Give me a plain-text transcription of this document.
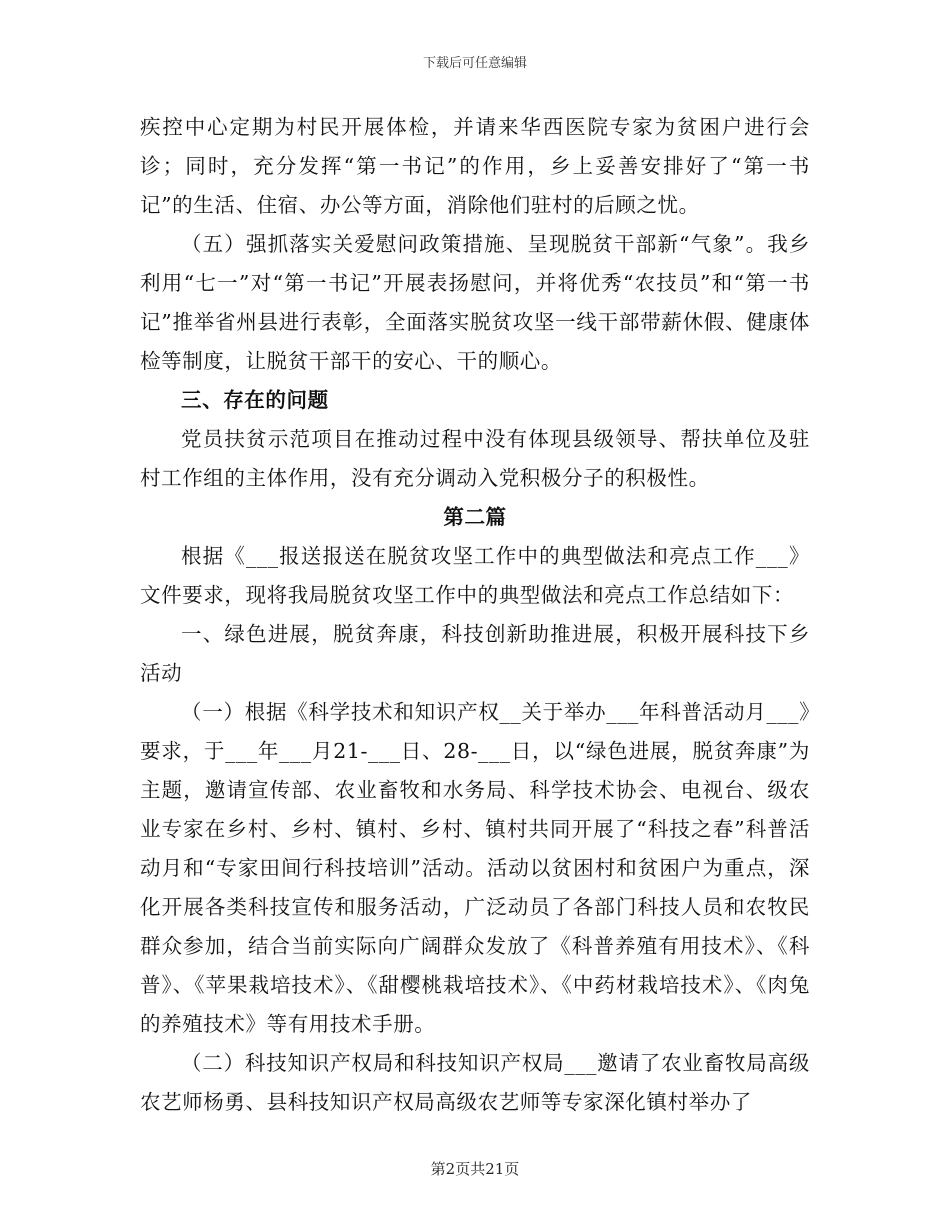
下载后可任意编辑

疾控中心定期为村民开展体检，并请来华西医院专家为贫困户进行会诊；同时，充分发挥“第一书记”的作用，乡上妥善安排好了“第一书记”的生活、住宿、办公等方面，消除他们驻村的后顾之忧。

（五）强抓落实关爱慰问政策措施、呈现脱贫干部新“气象”。我乡利用“七一”对“第一书记”开展表扬慰问，并将优秀“农技员”和“第一书记”推举省州县进行表彰，全面落实脱贫攻坚一线干部带薪休假、健康体检等制度，让脱贫干部干的安心、干的顺心。

三、存在的问题

党员扶贫示范项目在推动过程中没有体现县级领导、帮扶单位及驻村工作组的主体作用，没有充分调动入党积极分子的积极性。

第二篇

根据《___报送报送在脱贫攻坚工作中的典型做法和亮点工作___》文件要求，现将我局脱贫攻坚工作中的典型做法和亮点工作总结如下：

一、绿色进展，脱贫奔康，科技创新助推进展，积极开展科技下乡活动

（一）根据《科学技术和知识产权__关于举办___年科普活动月___》要求，于___年___月21-___日、28-___日，以“绿色进展，脱贫奔康”为主题，邀请宣传部、农业畜牧和水务局、科学技术协会、电视台、级农业专家在乡村、乡村、镇村、乡村、镇村共同开展了“科技之春”科普活动月和“专家田间行科技培训”活动。活动以贫困村和贫困户为重点，深化开展各类科技宣传和服务活动，广泛动员了各部门科技人员和农牧民群众参加，结合当前实际向广阔群众发放了《科普养殖有用技术》、《科普》、《苹果栽培技术》、《甜樱桃栽培技术》、《中药材栽培技术》、《肉兔的养殖技术》等有用技术手册。

（二）科技知识产权局和科技知识产权局___邀请了农业畜牧局高级农艺师杨勇、县科技知识产权局高级农艺师等专家深化镇村举办了

第2页共21页
